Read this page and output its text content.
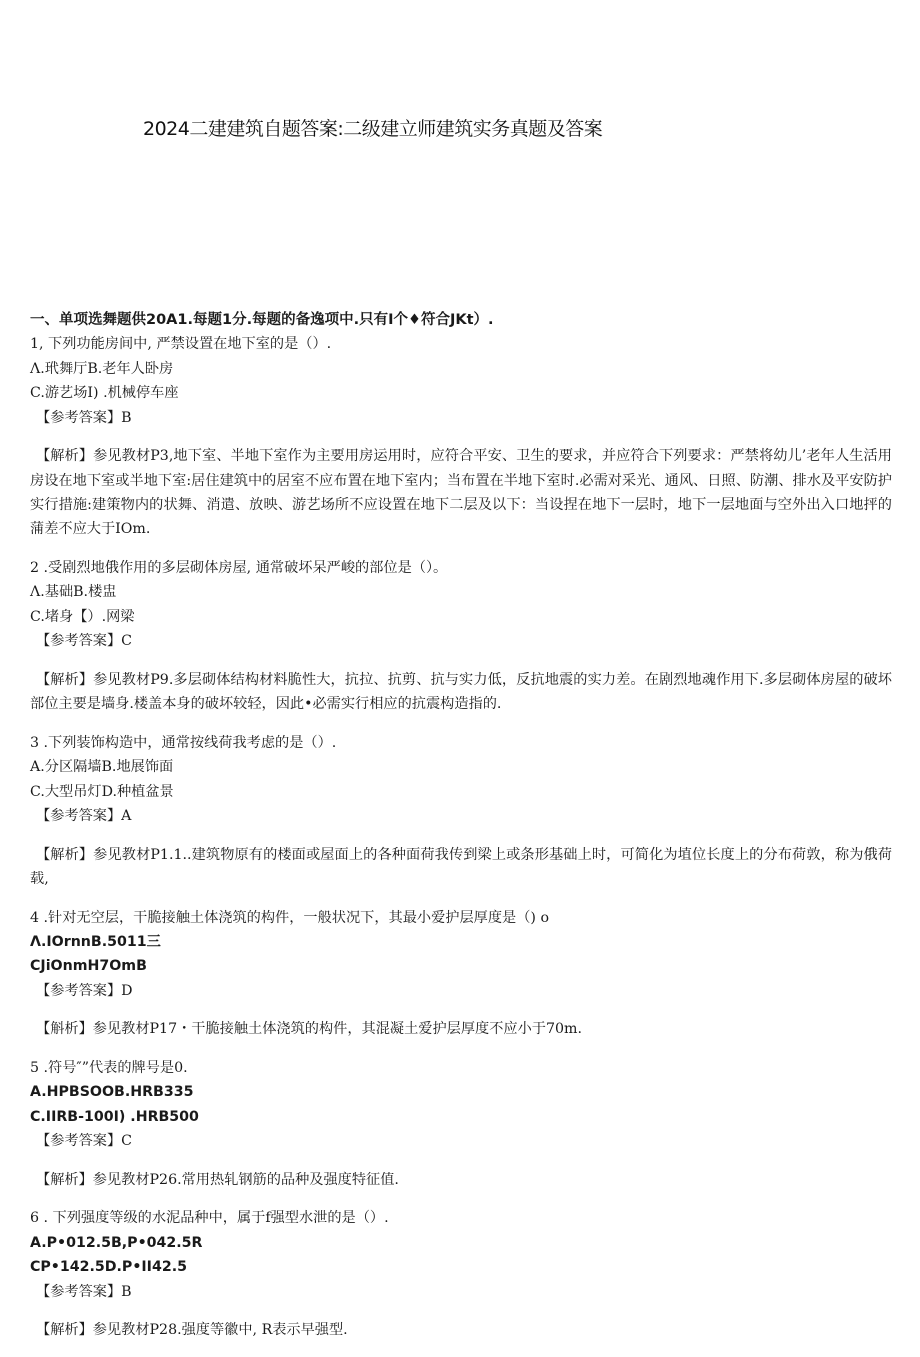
2024二建建筑自题答案:二级建立师建筑实务真题及答案

一、单项选舞题供20A1.每题1分.每题的备逸项中.只有I个♦符合JKt）.

1, 下列功能房间中, 严禁设置在地下室的是（）.

Λ.玳舞厅B.老年人卧房

C.游艺场I) .机械停车座

【参考答案】B

【解析】参见教材P3,地下室、半地下室作为主要用房运用时，应符合平安、卫生的要求，并应符合下列要求：严禁将幼儿’老年人生活用房设在地下室或半地下室:居住建筑中的居室不应布置在地下室内；当布置在半地下室时.必需对采光、通风、日照、防潮、排水及平安防护实行措施:建策物内的状舞、消遣、放映、游艺场所不应设置在地下二层及以下：当设捏在地下一层时，地下一层地面与空外出入口地抨的蒲差不应大于IOm.

2 .受剧烈地俄作用的多层砌体房屋, 通常破坏呆严峻的部位是（）。

Λ.基础B.楼盅

C.堵身【）.网梁

【参考答案】C

【解析】参见教材P9.多层砌体结构材料脆性大，抗拉、抗剪、抗与实力低，反抗地震的实力差。在剧烈地魂作用下.多层砌体房屋的破坏部位主要是墙身.楼盖本身的破坏较轻，因此•必需实行相应的抗震构造指的.

3 .下列装饰构造中，通常按线荷我考虑的是（）.

A.分区隔墙B.地展饰面

C.大型吊灯D.种植盆景

【参考答案】A

【解析】参见教材P1.1..建筑物原有的楼面或屋面上的各种面荷我传到梁上或条形基础上时，可简化为埴位长度上的分布荷敦，称为俄荷载,

4 .针对无空层，干脆接触土体浇筑的构件，一般状况下，其最小爱护层厚度是（) o

Λ.IOrnnB.5011三

CJiOnmH7OmB

【参考答案】D

【斛析】参见教材P17・干脆接触土体浇筑的构件，其混凝土爱护层厚度不应小于70m.

5 .符号″”代表的牌号是0.

A.HPBSOOB.HRB335

C.IIRB-100I) .HRB500

【参考答案】C

【解析】参见教材P26.常用热轧钢筋的品种及强度特征值.

6 . 下列强度等级的水泥品种中，属于f强型水泄的是（）.

A.P•012.5B,P•042.5R

CP•142.5D.P•II42.5

【参考答案】B

【解析】参见教材P28.强度等徽中, R表示早强型.
